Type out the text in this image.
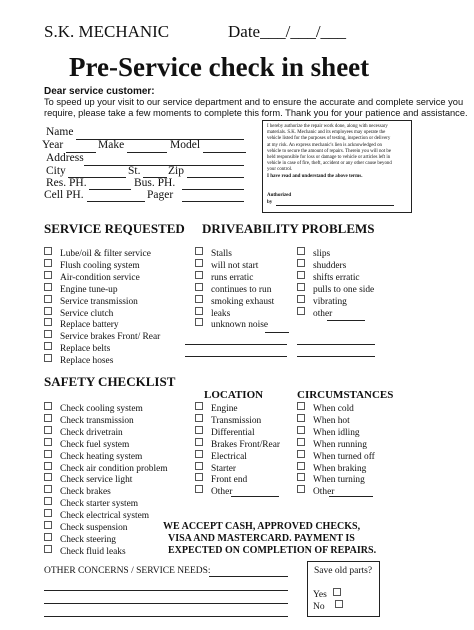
S.K. MECHANIC	Date___/___/___
Pre-Service check in sheet
Dear service customer:
To speed up your visit to our service department and to ensure the accurate and complete service you
require, please take a few moments to complete this form. Thank you for your patience and assistance.
Name
Year	Make	Model
Address
City	St. Zip
Res. PH.	Bus. PH.
Cell PH.	Pager
I hereby authorize the repair work done, along with necessary
materials. S.K. Mechanic and its employees may operate the
vehicle listed for the purposes of testing, inspection or delivery
at my risk. An express mechanic's lien is acknowledged on
vehicle to secure the amount of repairs. Therein you will not be
held responsible for loss or damage to vehicle or articles left in
vehicle in case of fire, theft, accident or any other cause beyond
your control.
I have read and understand the above terms.
Authorized
by
SERVICE REQUESTED DRIVEABILITY PROBLEMS
Lube/oil & filter service
Flush cooling system
Air-condition service
Engine tune-up
Service transmission
Service clutch
Replace battery
Service brakes Front/ Rear
Replace belts
Replace hoses
Stalls
will not start
runs erratic
continues to run
smoking exhaust
leaks
unknown noise
slips
shudders
shifts erratic
pulls to one side
vibrating
other
SAFETY CHECKLIST
LOCATION	CIRCUMSTANCES
Check cooling system
Check transmission
Check drivetrain
Check fuel system
Check heating system
Check air condition problem
Check service light
Check brakes
Check starter system
Check electrical system
Check suspension
Check steering
Check fluid leaks
Engine
Transmission
Differential
Brakes Front/Rear
Electrical
Starter
Front end
Other
When cold
When hot
When idling
When running
When turned off
When braking
When turning
Other
WE ACCEPT CASH, APPROVED CHECKS,
VISA AND MASTERCARD. PAYMENT IS
EXPECTED ON COMPLETION OF REPAIRS.
OTHER CONCERNS / SERVICE NEEDS:	Save old parts?
Yes
No
